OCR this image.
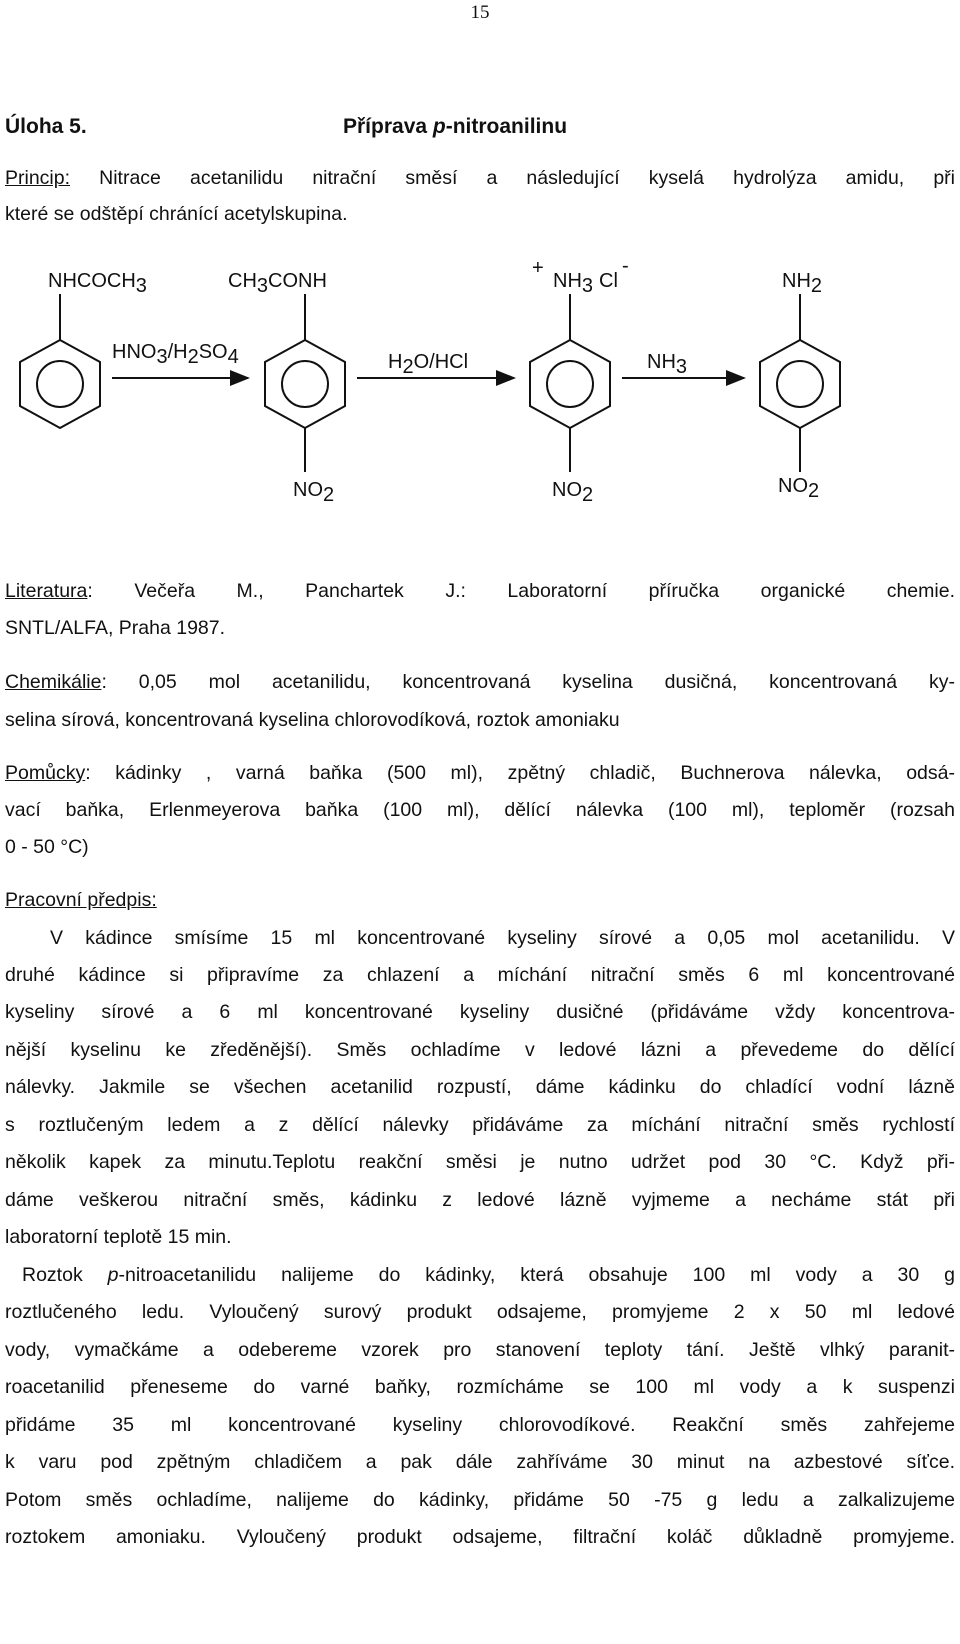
15
Úloha 5.	Příprava p-nitroanilinu
Princip: Nitrace acetanilidu nitrační směsí a následující kyselá hydrolýza amidu, při
které se odštěpí chránící acetylskupina.
NHCOCH3	CH3CONH
+
NH3 Cl
-
NH2
HNO3/H2SO4	H2O/HCl	NH3
NO2	NO2	NO2
Literatura: Večeřa M., Panchartek J.: Laboratorní příručka organické chemie.
SNTL/ALFA, Praha 1987.
Chemikálie: 0,05 mol acetanilidu, koncentrovaná kyselina dusičná, koncentrovaná ky-
selina sírová, koncentrovaná kyselina chlorovodíková, roztok amoniaku
Pomůcky: kádinky , varná baňka (500 ml), zpětný chladič, Buchnerova nálevka, odsá-
vací baňka, Erlenmeyerova baňka (100 ml), dělící nálevka (100 ml), teploměr (rozsah
0 - 50 °C)
Pracovní předpis:
V kádince smísíme 15 ml koncentrované kyseliny sírové a 0,05 mol acetanilidu. V
druhé kádince si připravíme za chlazení a míchání nitrační směs 6 ml koncentrované
kyseliny sírové a 6 ml koncentrované kyseliny dusičné (přidáváme vždy koncentrova-
nější kyselinu ke zředěnější). Směs ochladíme v ledové lázni a převedeme do dělící
nálevky. Jakmile se všechen acetanilid rozpustí, dáme kádinku do chladící vodní lázně
s roztlučeným ledem a z dělící nálevky přidáváme za míchání nitrační směs rychlostí
několik kapek za minutu.Teplotu reakční směsi je nutno udržet pod 30 °C. Když při-
dáme veškerou nitrační směs, kádinku z ledové lázně vyjmeme a necháme stát při
laboratorní teplotě 15 min.
Roztok p-nitroacetanilidu nalijeme do kádinky, která obsahuje 100 ml vody a 30 g
roztlučeného ledu. Vyloučený surový produkt odsajeme, promyjeme 2 x 50 ml ledové
vody, vymačkáme a odebereme vzorek pro stanovení teploty tání. Ještě vlhký paranit-
roacetanilid přeneseme do varné baňky, rozmícháme se 100 ml vody a k suspenzi
přidáme 35 ml koncentrované kyseliny chlorovodíkové. Reakční směs zahřejeme
k varu pod zpětným chladičem a pak dále zahříváme 30 minut na azbestové síťce.
Potom směs ochladíme, nalijeme do kádinky, přidáme 50 -75 g ledu a zalkalizujeme
roztokem amoniaku. Vyloučený produkt odsajeme, filtrační koláč důkladně promyjeme.
